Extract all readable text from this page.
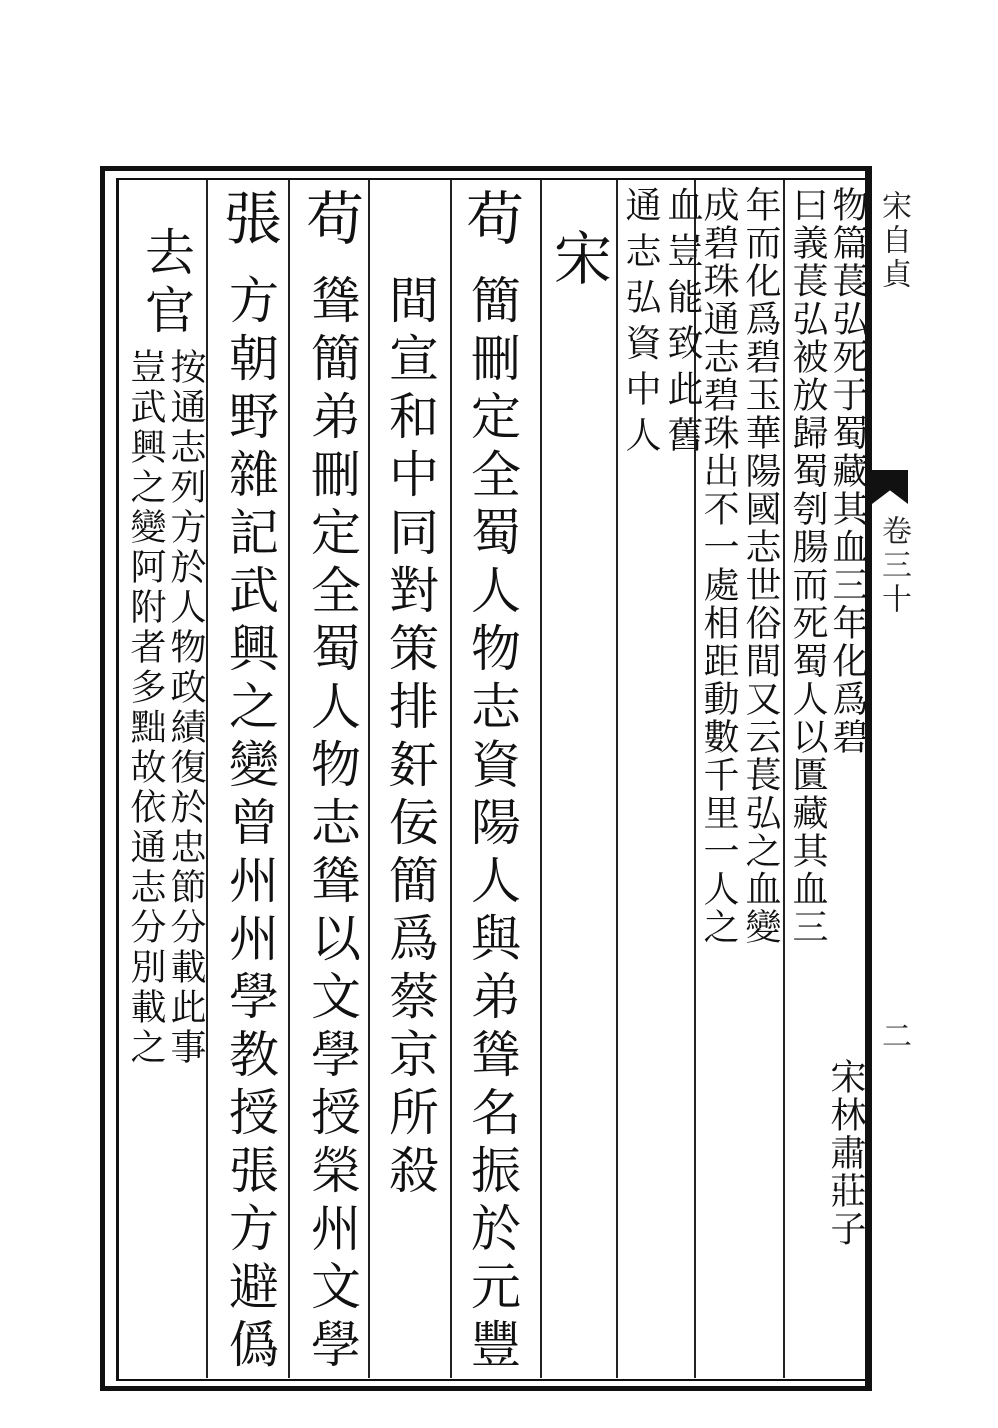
宋自貞
卷三十
二
物篇萇弘死于蜀藏其血三年化爲碧
曰義萇弘被放歸蜀刳腸而死蜀人以匱藏其血三
宋林肅莊子
年而化爲碧玉華陽國志世俗間又云萇弘之血變
成碧珠通志碧珠出不一處相距動數千里一人之
血豈能致此舊
通志弘資中人
宋
苟
簡刪定全蜀人物志資陽人與弟聳名振於元豐
間宣和中同對策排姧佞簡爲蔡京所殺
苟
聳簡弟刪定全蜀人物志聳以文學授榮州文學
張
方朝野雜記武興之變曾州州學教授張方避僞
去官
按通志列方於人物政績復於忠節分載此事
豈武興之變阿附者多黜故依通志分別載之
